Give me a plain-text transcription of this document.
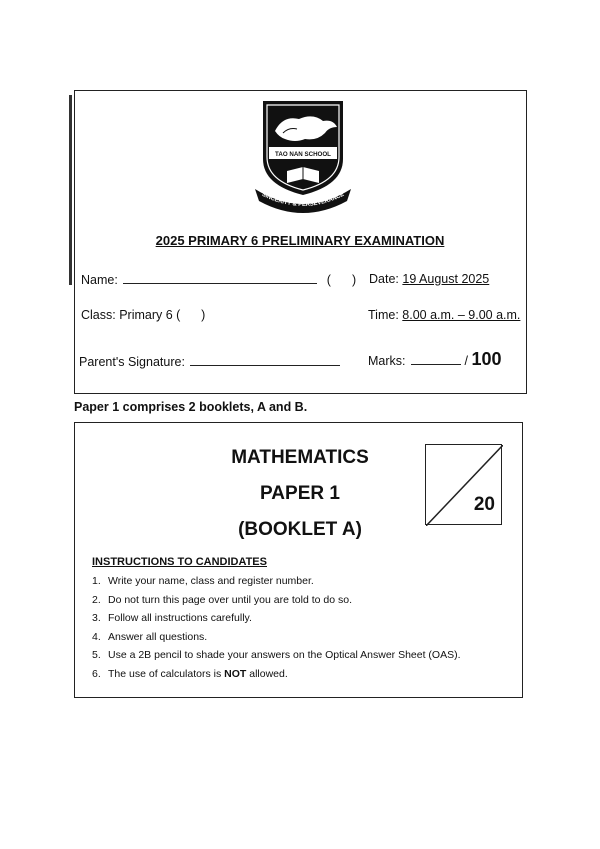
TAO NAN SCHOOL
SINCERITY & PERSEVERANCE
2025 PRIMARY 6 PRELIMINARY EXAMINATION
Name:	( ) Date: 19 August 2025
Class: Primary 6 (      )	Time: 8.00 a.m. – 9.00 a.m.
Parent's Signature:	Marks:	/ 100
Paper 1 comprises 2 booklets, A and B.
MATHEMATICS
PAPER 1
(BOOKLET A)
20
INSTRUCTIONS TO CANDIDATES
1. Write your name, class and register number.
2. Do not turn this page over until you are told to do so.
3. Follow all instructions carefully.
4. Answer all questions.
5. Use a 2B pencil to shade your answers on the Optical Answer Sheet (OAS).
6. The use of calculators is NOT allowed.
